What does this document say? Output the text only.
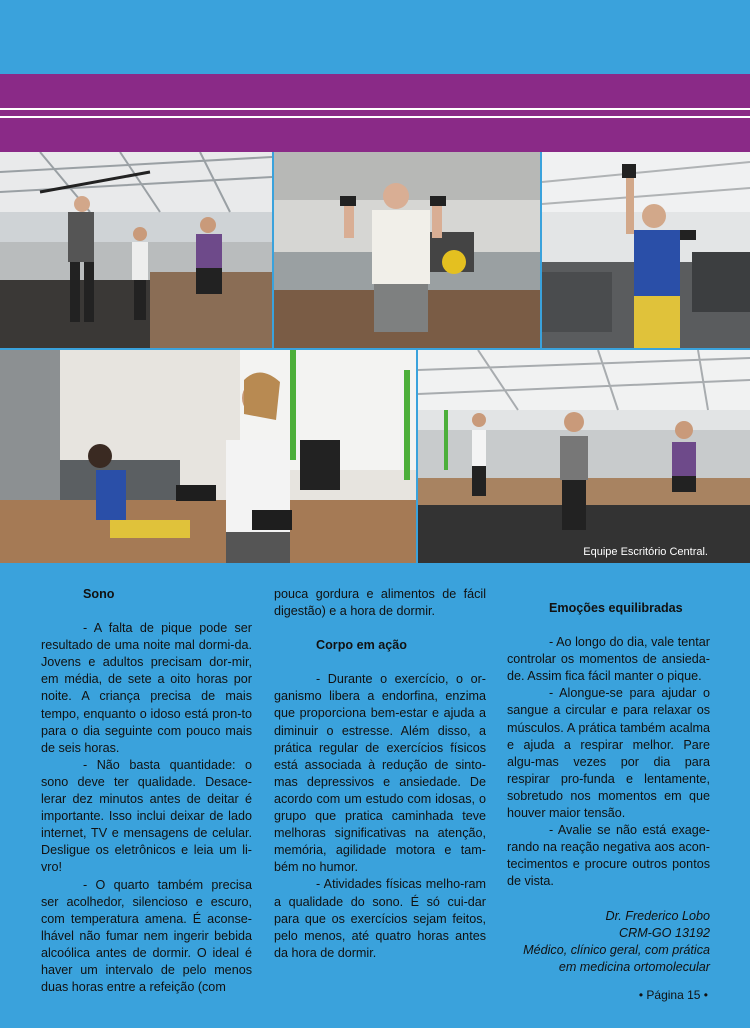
Equipe Escritório Central.
Sono

- A falta de pique pode ser resultado de uma noite mal dormi-da. Jovens e adultos precisam dor-mir, em média, de sete a oito horas por noite. A criança precisa de mais tempo, enquanto o idoso está pron-to para o dia seguinte com pouco mais de seis horas.

- Não basta quantidade: o sono deve ter qualidade. Desace-lerar dez minutos antes de deitar é importante. Isso inclui deixar de lado internet, TV e mensagens de celular. Desligue os eletrônicos e leia um li-vro!

- O quarto também precisa ser acolhedor, silencioso e escuro, com temperatura amena. É aconse-lhável não fumar nem ingerir bebida alcoólica antes de dormir. O ideal é haver um intervalo de pelo menos duas horas entre a refeição (com

pouca gordura e alimentos de fácil digestão) e a hora de dormir.

Corpo em ação

- Durante o exercício, o or-ganismo libera a endorfina, enzima que proporciona bem-estar e ajuda a diminuir o estresse. Além disso, a prática regular de exercícios físicos está associada à redução de sinto-mas depressivos e ansiedade. De acordo com um estudo com idosas, o grupo que pratica caminhada teve melhoras significativas na atenção, memória, agilidade motora e tam-bém no humor.

- Atividades físicas melho-ram a qualidade do sono. É só cui-dar para que os exercícios sejam feitos, pelo menos, até quatro horas antes da hora de dormir.

Emoções equilibradas

- Ao longo do dia, vale tentar controlar os momentos de ansieda-de. Assim fica fácil manter o pique.

- Alongue-se para ajudar o sangue a circular e para relaxar os músculos. A prática também acalma e ajuda a respirar melhor. Pare algu-mas vezes por dia para respirar pro-funda e lentamente, sobretudo nos momentos em que houver maior tensão.

- Avalie se não está exage-rando na reação negativa aos acon-tecimentos e procure outros pontos de vista.

Dr. Frederico Lobo
CRM-GO 13192
Médico, clínico geral, com prática
em medicina ortomolecular
• Página 15 •
